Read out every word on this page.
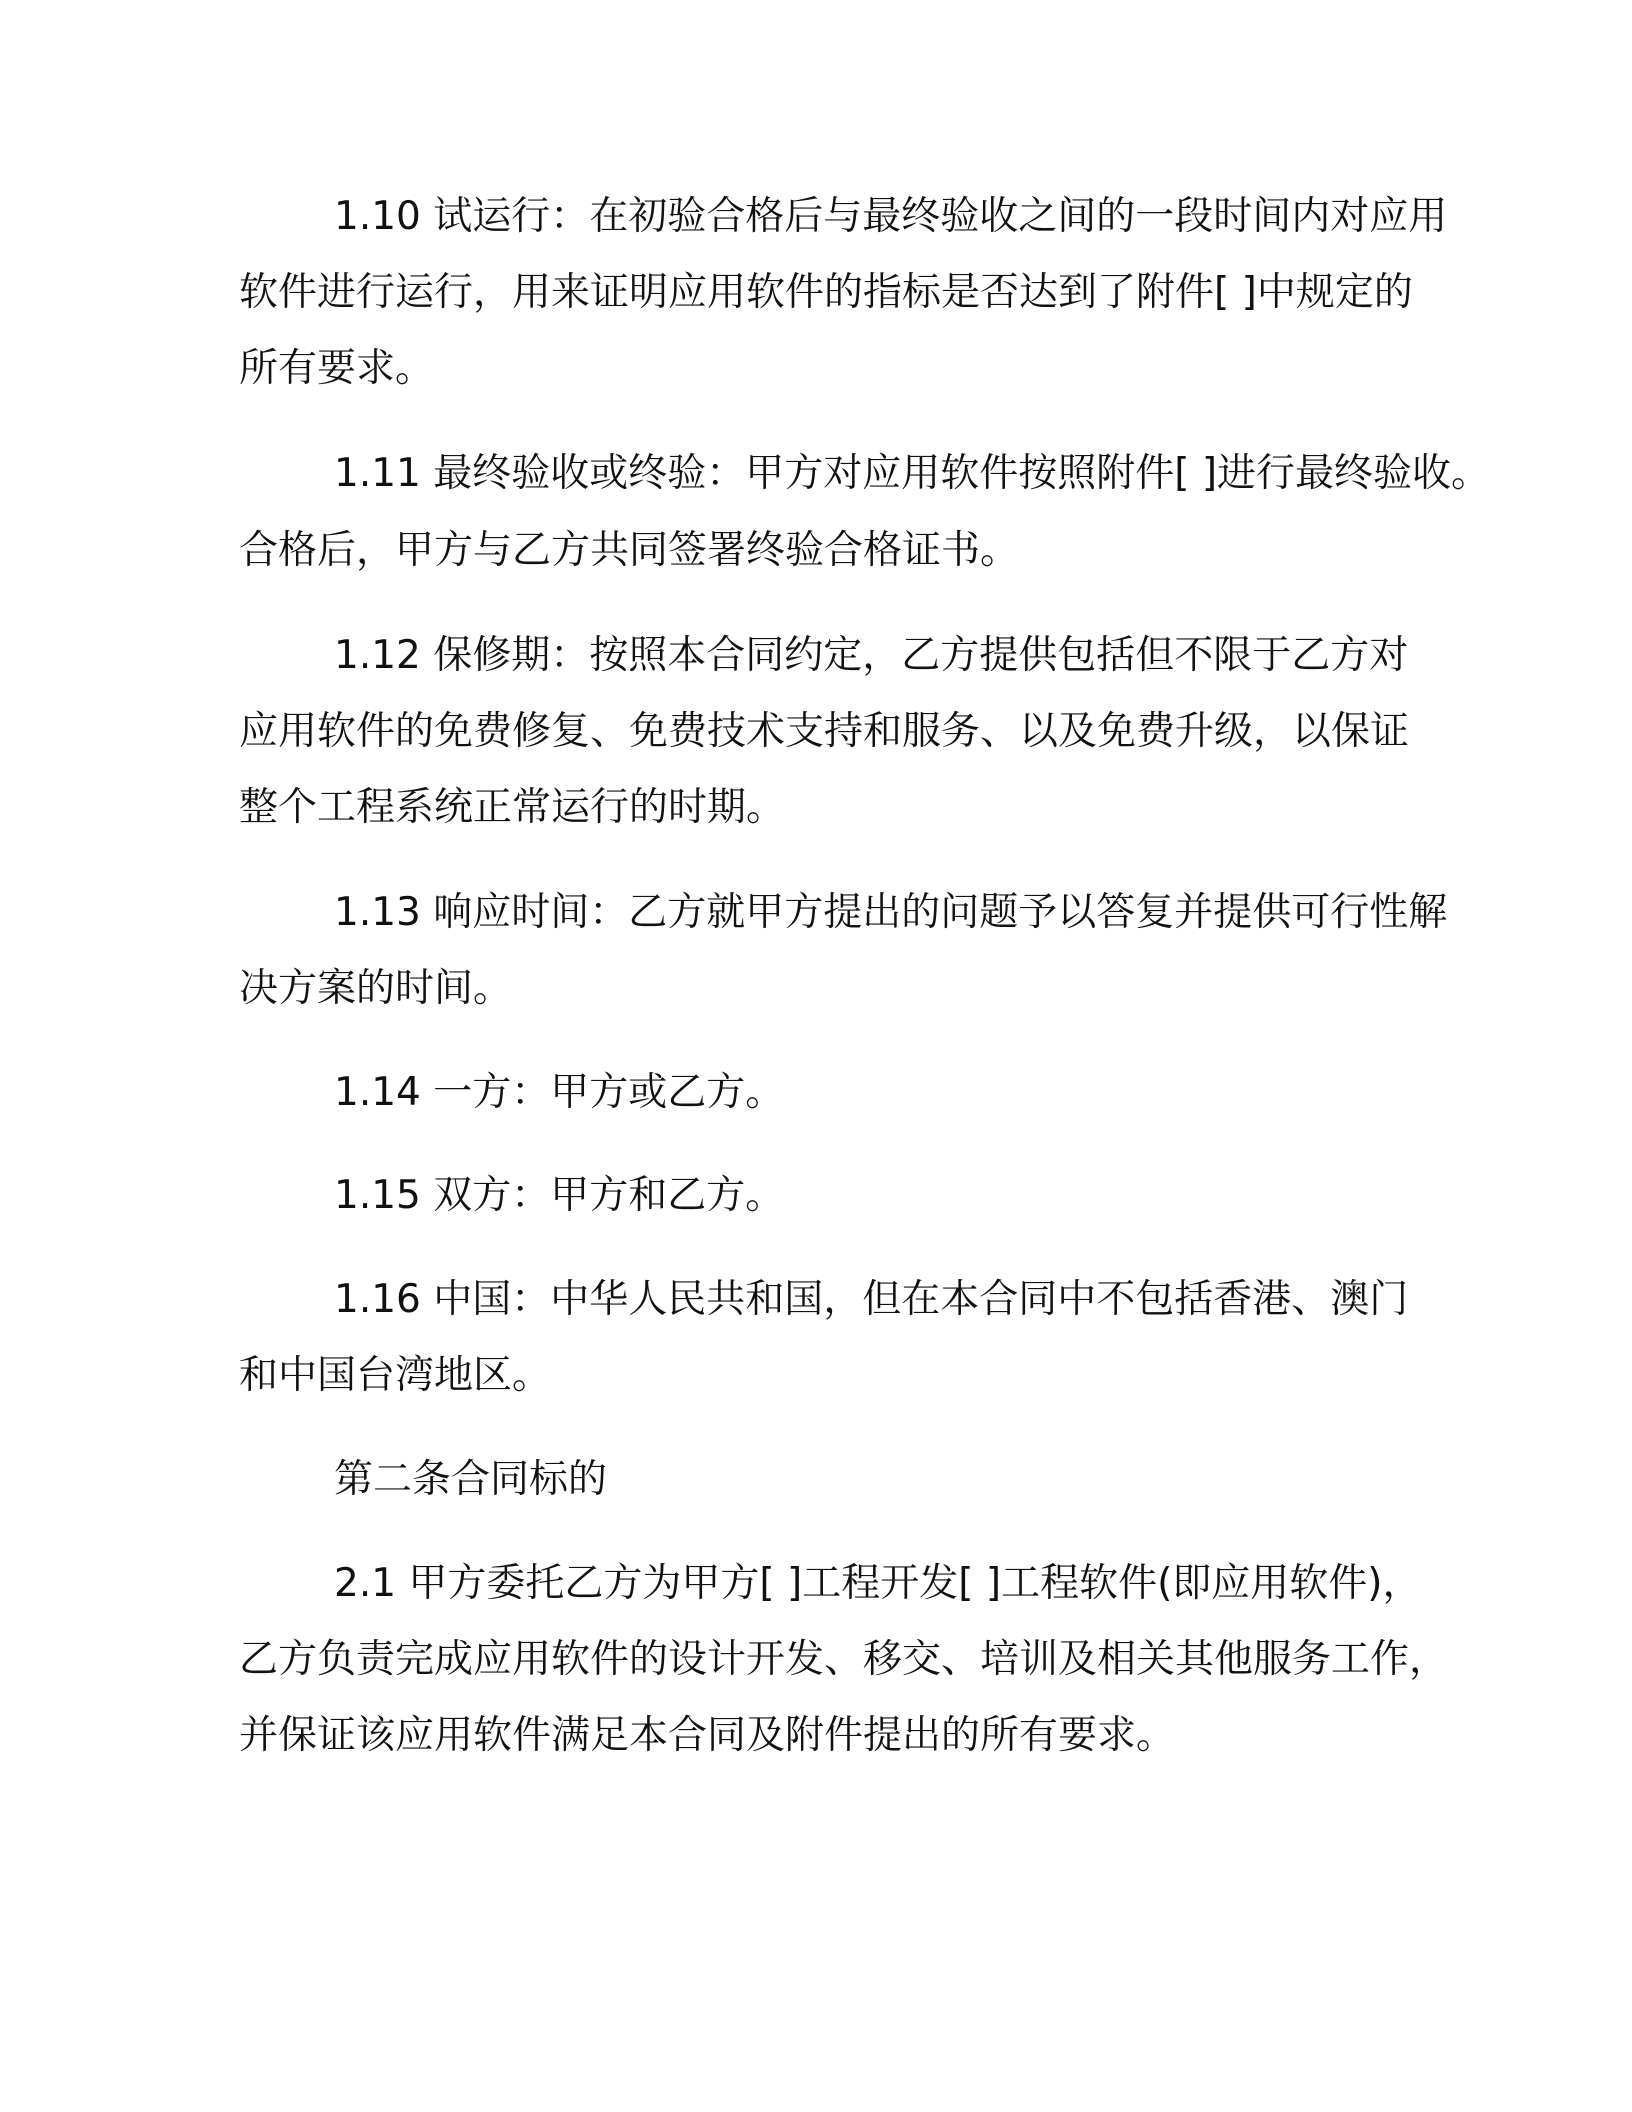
1.10 试运行：在初验合格后与最终验收之间的一段时间内对应用
软件进行运行，用来证明应用软件的指标是否达到了附件[ ]中规定的
所有要求。
1.11 最终验收或终验：甲方对应用软件按照附件[ ]进行最终验收。
合格后，甲方与乙方共同签署终验合格证书。
1.12 保修期：按照本合同约定，乙方提供包括但不限于乙方对
应用软件的免费修复、免费技术支持和服务、以及免费升级，以保证
整个工程系统正常运行的时期。
1.13 响应时间：乙方就甲方提出的问题予以答复并提供可行性解
决方案的时间。
1.14 一方：甲方或乙方。
1.15 双方：甲方和乙方。
1.16 中国：中华人民共和国，但在本合同中不包括香港、澳门
和中国台湾地区。
第二条合同标的
2.1 甲方委托乙方为甲方[ ]工程开发[ ]工程软件(即应用软件)，
乙方负责完成应用软件的设计开发、移交、培训及相关其他服务工作，
并保证该应用软件满足本合同及附件提出的所有要求。
